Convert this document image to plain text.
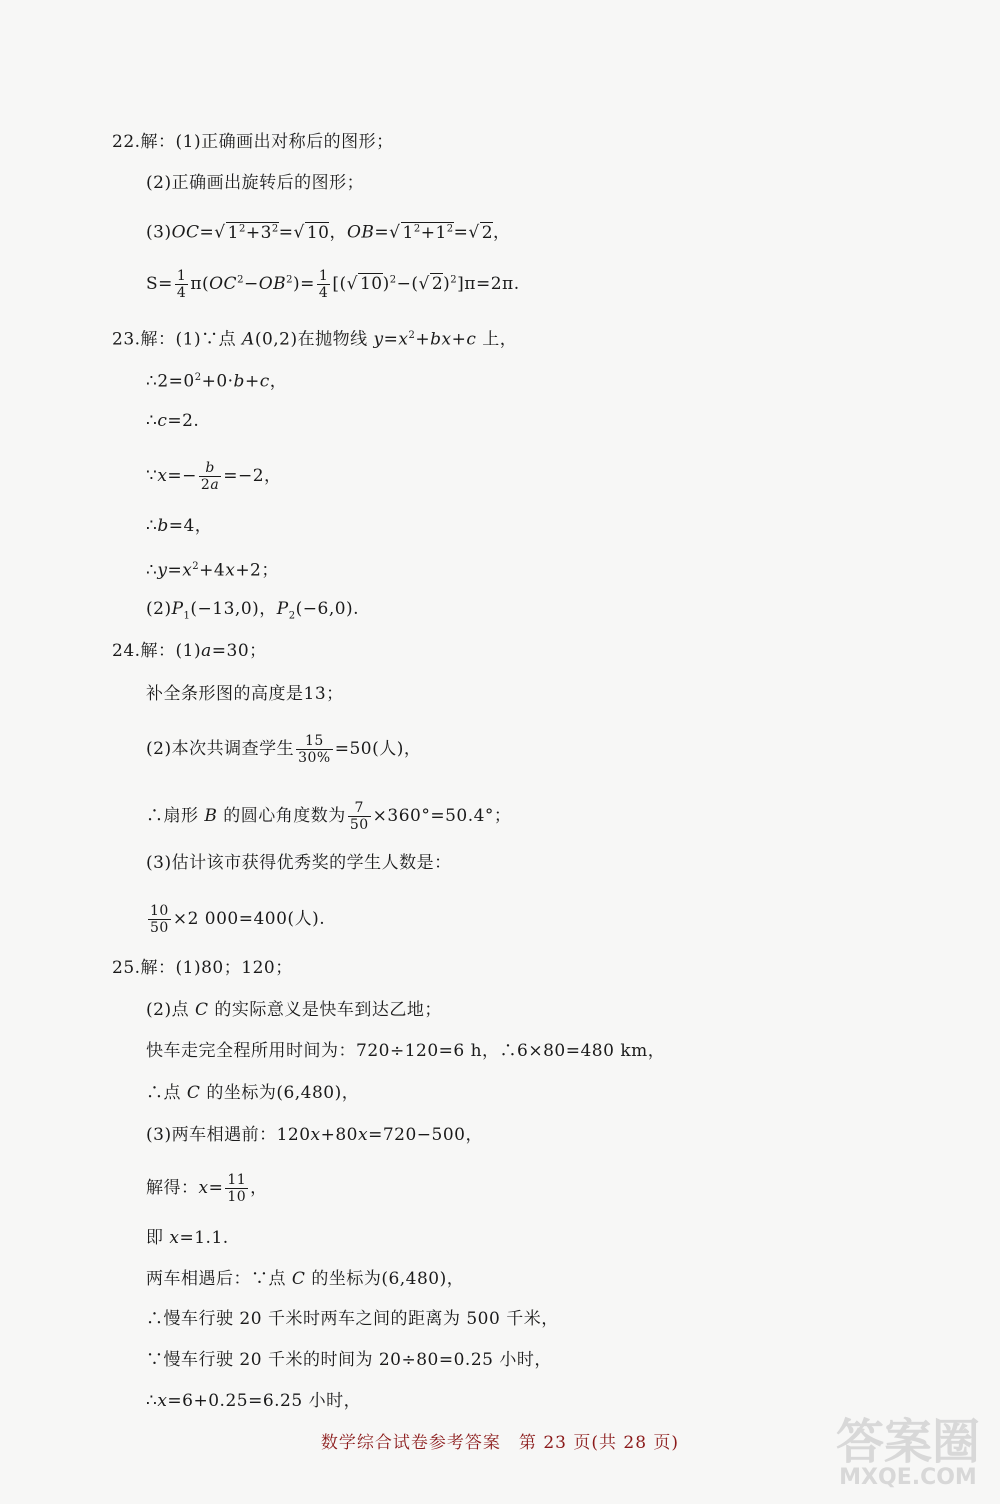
22.解：(1)正确画出对称后的图形；
(2)正确画出旋转后的图形；
(3)OC=√ $1^2+3^2=√$ 10，OB=√ $1^2+1^2=√$ 2，
$S= \frac{1}{4} \pi(OC^2-OB^2)= \frac{1}{4}$ [(√ 10)$^2$−(√ 2)$^2$]π=2π.
23.解：(1)∵点 A(0,2)在抛物线 $y=x^2+bx+c$ 上，
$\therefore 2=0^2+0\cdot b+c$，
∴c=2.
∵x=− $\frac{b}{2a} =-2$，
∴b=4，
$\therefore y=x^2+4x+2$；
$(2)P_1(-13,0)$，$P_2(-6,0)$.
24.解：(1)a=30；
补全条形图的高度是13；
(2)本次共调查学生 $\frac{15}{30\%} =50$(人)，
∴扇形 B 的圆心角度数为 $\frac{7}{50} \times 360^\circ=50.4^\circ$；
(3)估计该市获得优秀奖的学生人数是：
$\frac{10}{50} \times 2$ 000=400(人).
25.解：(1)80；120；
(2)点 C 的实际意义是快车到达乙地；
快车走完全程所用时间为：720÷120=6 h，∴6×80=480 km，
∴点 C 的坐标为(6,480)，
(3)两车相遇前：120x+80x=720−500，
解得：$x= \frac{11}{10}$ ，
即 x=1.1.
两车相遇后：∵点 C 的坐标为(6,480)，
∴慢车行驶 20 千米时两车之间的距离为 500 千米，
∵慢车行驶 20 千米的时间为 20÷80=0.25 小时，
∴x=6+0.25=6.25 小时，
数学综合试卷参考答案　第 23 页(共 28 页)	答案圈
MXQE.COM
